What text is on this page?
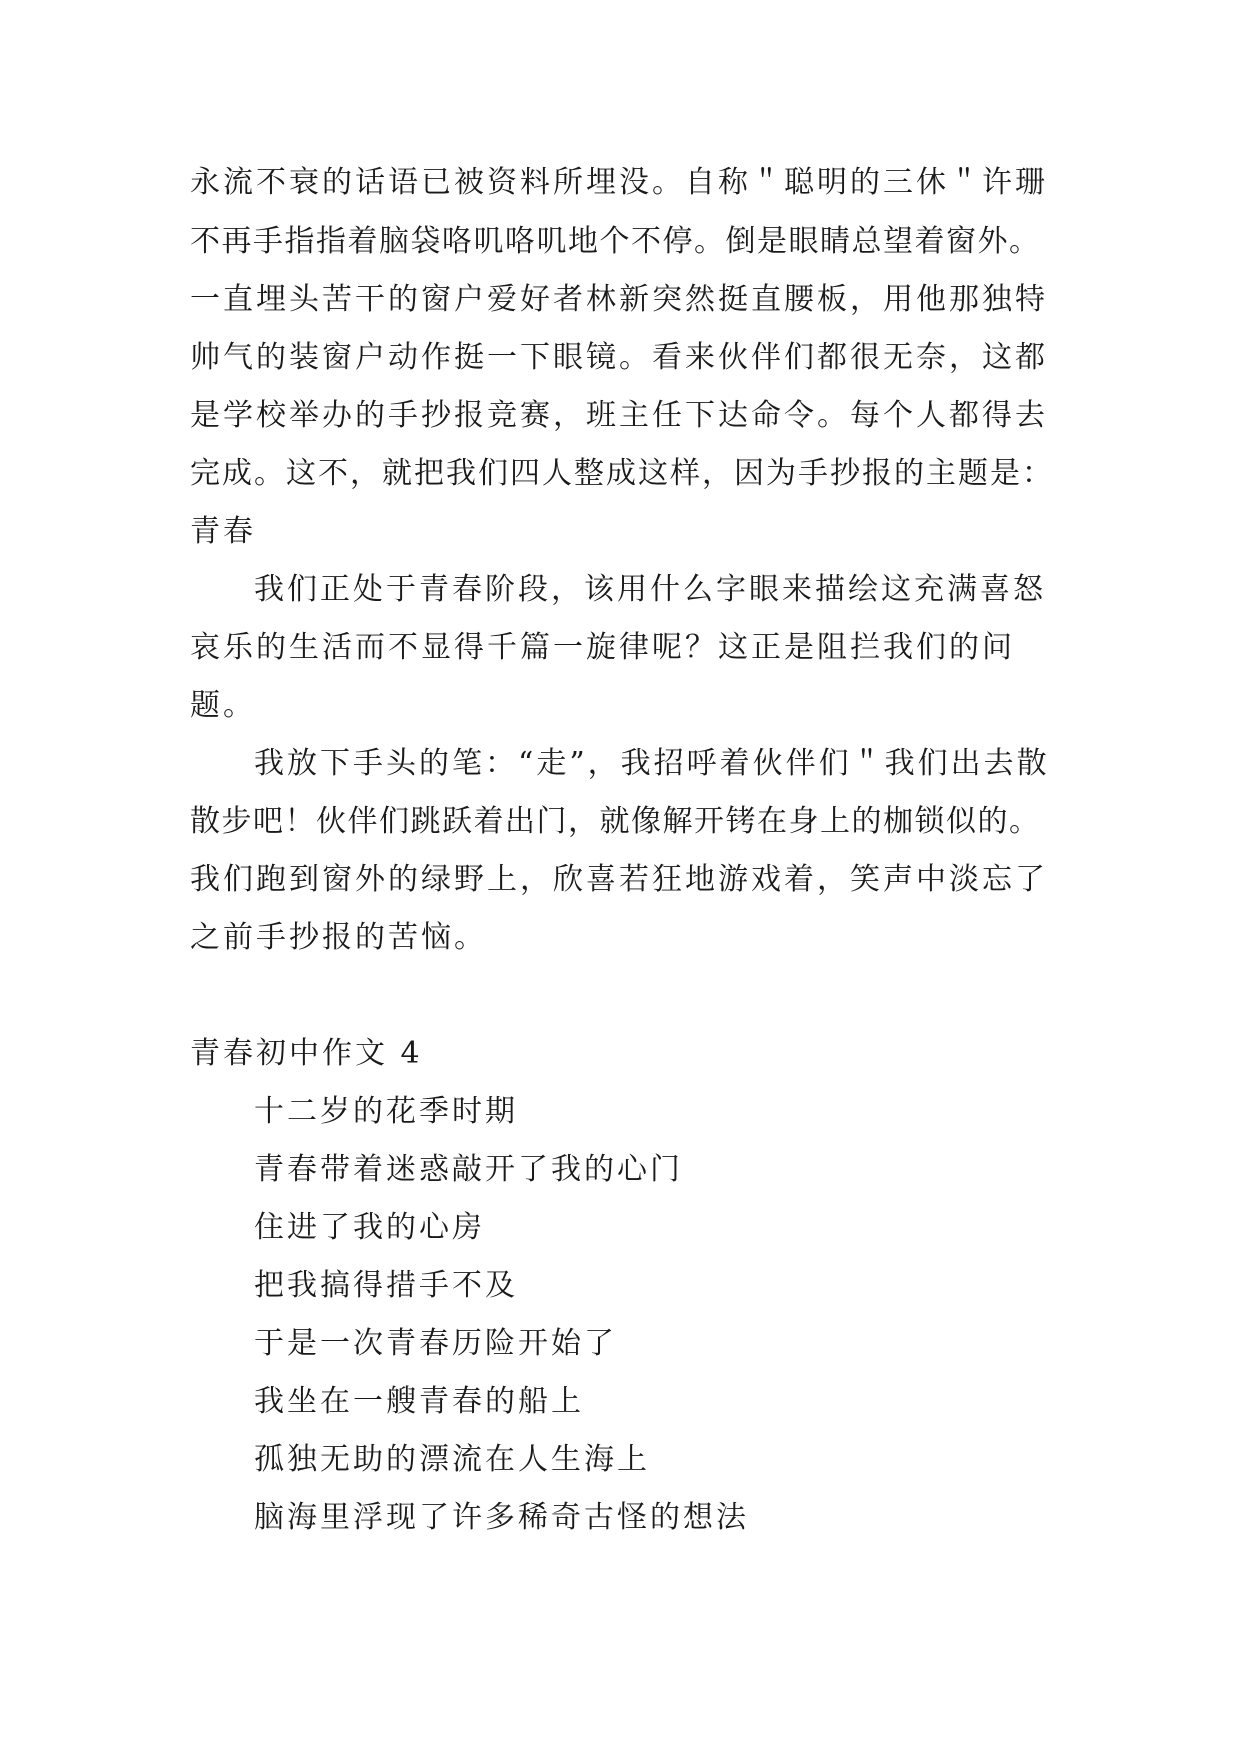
永流不衰的话语已被资料所埋没。自称＂聪明的三休＂许珊

不再手指指着脑袋咯叽咯叽地个不停。倒是眼睛总望着窗外。

一直埋头苦干的窗户爱好者林新突然挺直腰板，用他那独特

帅气的装窗户动作挺一下眼镜。看来伙伴们都很无奈，这都

是学校举办的手抄报竞赛，班主任下达命令。每个人都得去

完成。这不，就把我们四人整成这样，因为手抄报的主题是：

青春

我们正处于青春阶段，该用什么字眼来描绘这充满喜怒

哀乐的生活而不显得千篇一旋律呢？这正是阻拦我们的问

题。

我放下手头的笔：“走”，我招呼着伙伴们＂我们出去散

散步吧！伙伴们跳跃着出门，就像解开铐在身上的枷锁似的。

我们跑到窗外的绿野上，欣喜若狂地游戏着，笑声中淡忘了

之前手抄报的苦恼。

青春初中作文 4

十二岁的花季时期

青春带着迷惑敲开了我的心门

住进了我的心房

把我搞得措手不及

于是一次青春历险开始了

我坐在一艘青春的船上

孤独无助的漂流在人生海上

脑海里浮现了许多稀奇古怪的想法
